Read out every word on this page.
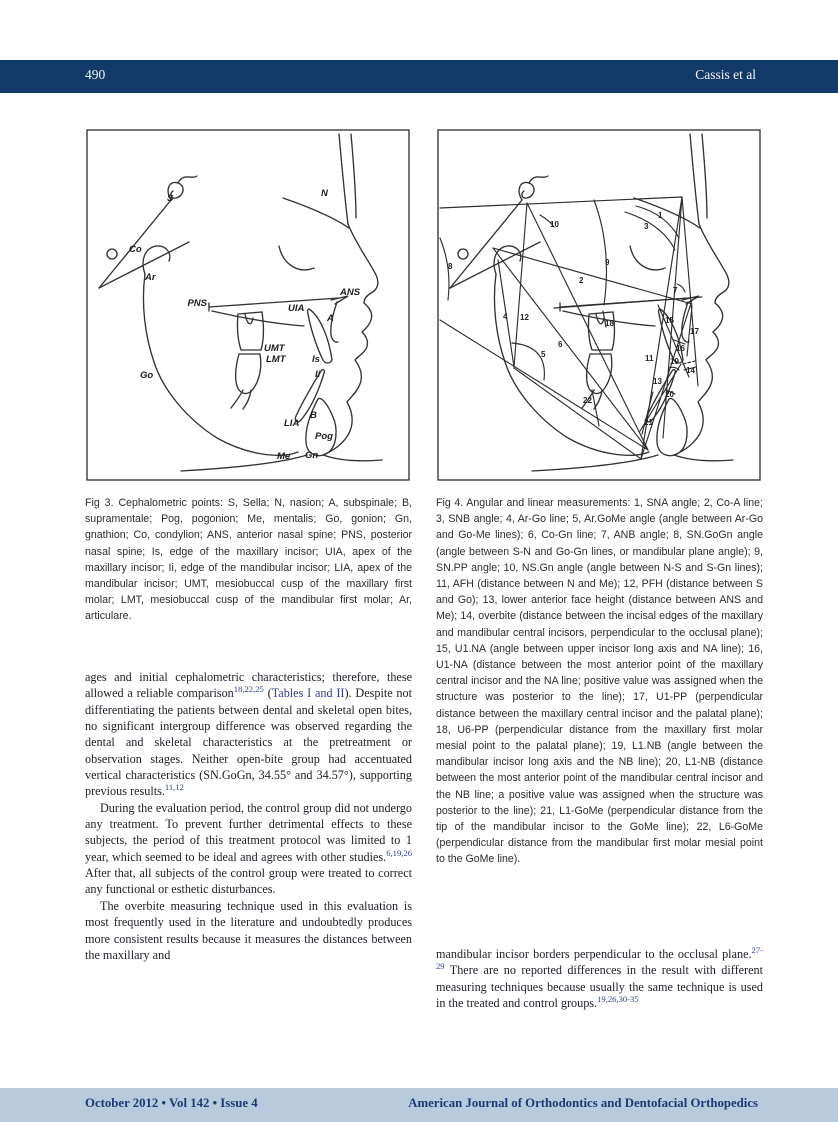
490	Cassis et al
S	N
Co
Ar
PNS
ANS
UIA
A
UMT
LMT	Is
Ii
Go
B
LIA
Pog
Me Gn
1
2
3
4
5
6
7
8	9
10
11
12
13
14
15
16
17
18
19
20
21
22
Fig 3. Cephalometric points: S, Sella; N, nasion; A, subspinale; B, supramentale; Pog, pogonion; Me, mentalis; Go, gonion; Gn, gnathion; Co, condylion; ANS, anterior nasal spine; PNS, posterior nasal spine; Is, edge of the maxillary incisor; UIA, apex of the maxillary incisor; Ii, edge of the mandibular incisor; LIA, apex of the mandibular incisor; UMT, mesiobuccal cusp of the maxillary first molar; LMT, mesiobuccal cusp of the mandibular first molar; Ar, articulare.
Fig 4. Angular and linear measurements: 1, SNA angle; 2, Co-A line; 3, SNB angle; 4, Ar-Go line; 5, Ar.GoMe angle (angle between Ar-Go and Go-Me lines); 6, Co-Gn line; 7, ANB angle; 8, SN.GoGn angle (angle between S-N and Go-Gn lines, or mandibular plane angle); 9, SN.PP angle; 10, NS.Gn angle (angle between N-S and S-Gn lines); 11, AFH (distance between N and Me); 12, PFH (distance between S and Go); 13, lower anterior face height (distance between ANS and Me); 14, overbite (distance between the incisal edges of the maxillary and mandibular central incisors, perpendicular to the occlusal plane); 15, U1.NA (angle between upper incisor long axis and NA line); 16, U1-NA (distance between the most anterior point of the maxillary central incisor and the NA line; positive value was assigned when the structure was posterior to the line); 17, U1-PP (perpendicular distance between the maxillary central incisor and the palatal plane); 18, U6-PP (perpendicular distance from the maxillary first molar mesial point to the palatal plane); 19, L1.NB (angle between the mandibular incisor long axis and the NB line); 20, L1-NB (distance between the most anterior point of the mandibular central incisor and the NB line; a positive value was assigned when the structure was posterior to the line); 21, L1-GoMe (perpendicular distance from the tip of the mandibular incisor to the GoMe line); 22, L6-GoMe (perpendicular distance from the mandibular first molar mesial point to the GoMe line).

ages and initial cephalometric characteristics; therefore, these allowed a reliable comparison$^{18,22,25}$ (Tables I and II). Despite not differentiating the patients between dental and skeletal open bites, no significant intergroup difference was observed regarding the dental and skeletal characteristics at the pretreatment or observation stages. Neither open-bite group had accentuated vertical characteristics (SN.GoGn, 34.55° and 34.57°), supporting previous results.$^{11,12}$

During the evaluation period, the control group did not undergo any treatment. To prevent further detrimental effects to these subjects, the period of this treatment protocol was limited to 1 year, which seemed to be ideal and agrees with other studies.$^{6,19,26}$ After that, all subjects of the control group were treated to correct any functional or esthetic disturbances.

The overbite measuring technique used in this evaluation is most frequently used in the literature and undoubtedly produces more consistent results because it measures the distances between the maxillary and	mandibular incisor borders perpendicular to the occlusal plane.$^{27-29}$ There are no reported differences in the result with different measuring techniques because usually the same technique is used in the treated and control groups.$^{19,26,30-35}$

October 2012 • Vol 142 • Issue 4	American Journal of Orthodontics and Dentofacial Orthopedics
